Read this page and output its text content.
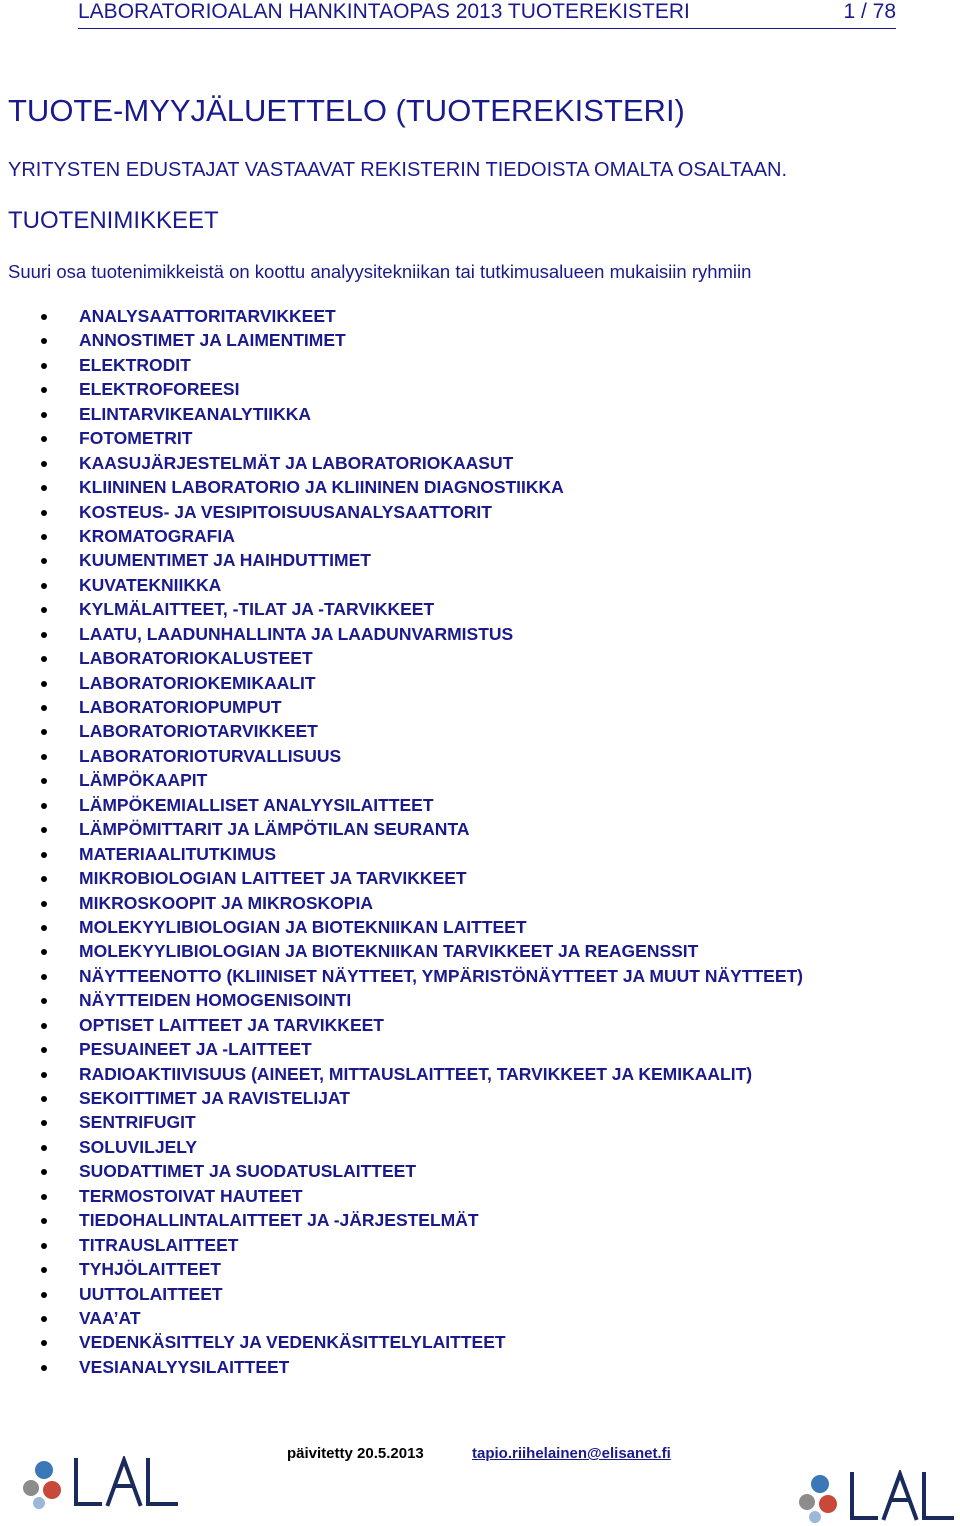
LABORATORIOALAN HANKINTAOPAS 2013 TUOTEREKISTERI	1 / 78
TUOTE-MYYJÄLUETTELO (TUOTEREKISTERI)
YRITYSTEN EDUSTAJAT VASTAAVAT REKISTERIN TIEDOISTA OMALTA OSALTAAN.
TUOTENIMIKKEET
Suuri osa tuotenimikkeistä on koottu analyysitekniikan tai tutkimusalueen mukaisiin ryhmiin
ANALYSAATTORITARVIKKEET
ANNOSTIMET JA LAIMENTIMET
ELEKTRODIT
ELEKTROFOREESI
ELINTARVIKEANALYTIIKKA
FOTOMETRIT
KAASUJÄRJESTELMÄT JA LABORATORIOKAASUT
KLIININEN LABORATORIO JA KLIININEN DIAGNOSTIIKKA
KOSTEUS- JA VESIPITOISUUSANALYSAATTORIT
KROMATOGRAFIA
KUUMENTIMET JA HAIHDUTTIMET
KUVATEKNIIKKA
KYLMÄLAITTEET, -TILAT JA -TARVIKKEET
LAATU, LAADUNHALLINTA JA LAADUNVARMISTUS
LABORATORIOKALUSTEET
LABORATORIOKEMIKAALIT
LABORATORIOPUMPUT
LABORATORIOTARVIKKEET
LABORATORIOTURVALLISUUS
LÄMPÖKAAPIT
LÄMPÖKEMIALLISET ANALYYSILAITTEET
LÄMPÖMITTARIT JA LÄMPÖTILAN SEURANTA
MATERIAALITUTKIMUS
MIKROBIOLOGIAN LAITTEET JA TARVIKKEET
MIKROSKOOPIT JA MIKROSKOPIA
MOLEKYYLIBIOLOGIAN JA BIOTEKNIIKAN LAITTEET
MOLEKYYLIBIOLOGIAN JA BIOTEKNIIKAN TARVIKKEET JA REAGENSSIT
NÄYTTEENOTTO (KLIINISET NÄYTTEET, YMPÄRISTÖNÄYTTEET JA MUUT NÄYTTEET)
NÄYTTEIDEN HOMOGENISOINTI
OPTISET LAITTEET JA TARVIKKEET
PESUAINEET JA -LAITTEET
RADIOAKTIIVISUUS (AINEET, MITTAUSLAITTEET, TARVIKKEET JA KEMIKAALIT)
SEKOITTIMET JA RAVISTELIJAT
SENTRIFUGIT
SOLUVILJELY
SUODATTIMET JA SUODATUSLAITTEET
TERMOSTOIVAT HAUTEET
TIEDOHALLINTALAITTEET JA -JÄRJESTELMÄT
TITRAUSLAITTEET
TYHJÖLAITTEET
UUTTOLAITTEET
VAA’AT
VEDENKÄSITTELY JA VEDENKÄSITTELYLAITTEET
VESIANALYYSILAITTEET
päivitetty 20.5.2013	tapio.riihelainen@elisanet.fi
